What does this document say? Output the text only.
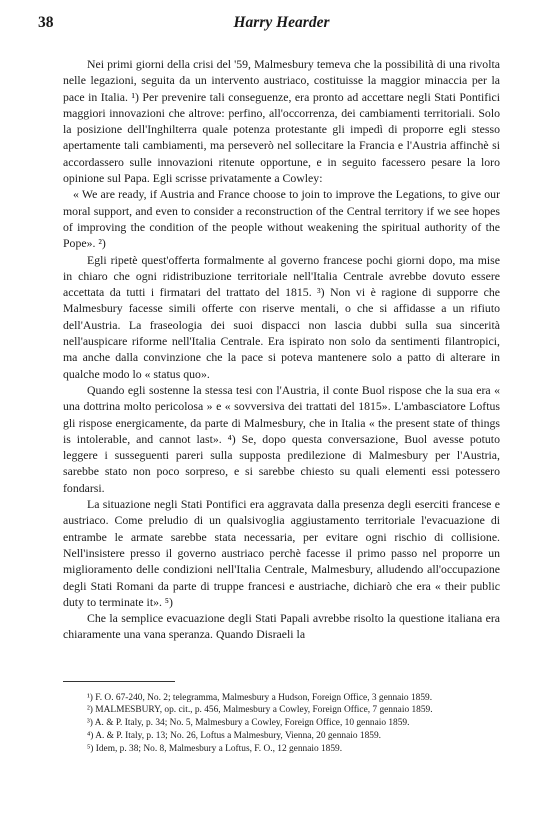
38	Harry Hearder

Nei primi giorni della crisi del '59, Malmesbury temeva che la possibilità di una rivolta nelle legazioni, seguita da un intervento austriaco, costituisse la maggior minaccia per la pace in Italia. ¹) Per prevenire tali conseguenze, era pronto ad accettare negli Stati Pontifici maggiori innovazioni che altrove: perfino, all'occorrenza, dei cambiamenti territoriali. Solo la posizione dell'Inghilterra quale potenza protestante gli impedì di proporre egli stesso apertamente tali cambiamenti, ma perseverò nel sollecitare la Francia e l'Austria affinchè si accordassero sulle innovazioni ritenute opportune, e in seguito facessero pesare la loro opinione sul Papa. Egli scrisse privatamente a Cowley:

« We are ready, if Austria and France choose to join to improve the Legations, to give our moral support, and even to consider a reconstruction of the Central territory if we see hopes of improving the condition of the people without weakening the spiritual authority of the Pope». ²)

Egli ripetè quest'offerta formalmente al governo francese pochi giorni dopo, ma mise in chiaro che ogni ridistribuzione territoriale nell'Italia Centrale avrebbe dovuto essere accettata da tutti i firmatari del trattato del 1815. ³) Non vi è ragione di supporre che Malmesbury facesse simili offerte con riserve mentali, o che si affidasse a un rifiuto dell'Austria. La fraseologia dei suoi dispacci non lascia dubbi sulla sua sincerità nell'auspicare riforme nell'Italia Centrale. Era ispirato non solo da sentimenti filantropici, ma anche dalla convinzione che la pace si poteva mantenere solo a patto di alterare in qualche modo lo « status quo».

Quando egli sostenne la stessa tesi con l'Austria, il conte Buol rispose che la sua era « una dottrina molto pericolosa » e « sovversiva dei trattati del 1815». L'ambasciatore Loftus gli rispose energicamente, da parte di Malmesbury, che in Italia « the present state of things is intolerable, and cannot last». ⁴) Se, dopo questa conversazione, Buol avesse potuto leggere i susseguenti pareri sulla supposta predilezione di Malmesbury per l'Austria, sarebbe stato non poco sorpreso, e si sarebbe chiesto su quali elementi essi potessero fondarsi.

La situazione negli Stati Pontifici era aggravata dalla presenza degli eserciti francese e austriaco. Come preludio di un qualsivoglia aggiustamento territoriale l'evacuazione di entrambe le armate sarebbe stata necessaria, per evitare ogni rischio di collisione. Nell'insistere presso il governo austriaco perchè facesse il primo passo nel proporre un miglioramento delle condizioni nell'Italia Centrale, Malmesbury, alludendo all'occupazione degli Stati Romani da parte di truppe francesi e austriache, dichiarò che era « their public duty to terminate it». ⁵)

Che la semplice evacuazione degli Stati Papali avrebbe risolto la questione italiana era chiaramente una vana speranza. Quando Disraeli la

¹) F. O. 67-240, No. 2; telegramma, Malmesbury a Hudson, Foreign Office, 3 gennaio 1859.
²) MALMESBURY, op. cit., p. 456, Malmesbury a Cowley, Foreign Office, 7 gennaio 1859.
³) A. & P. Italy, p. 34; No. 5, Malmesbury a Cowley, Foreign Office, 10 gennaio 1859.
⁴) A. & P. Italy, p. 13; No. 26, Loftus a Malmesbury, Vienna, 20 gennaio 1859.
⁵) Idem, p. 38; No. 8, Malmesbury a Loftus, F. O., 12 gennaio 1859.
